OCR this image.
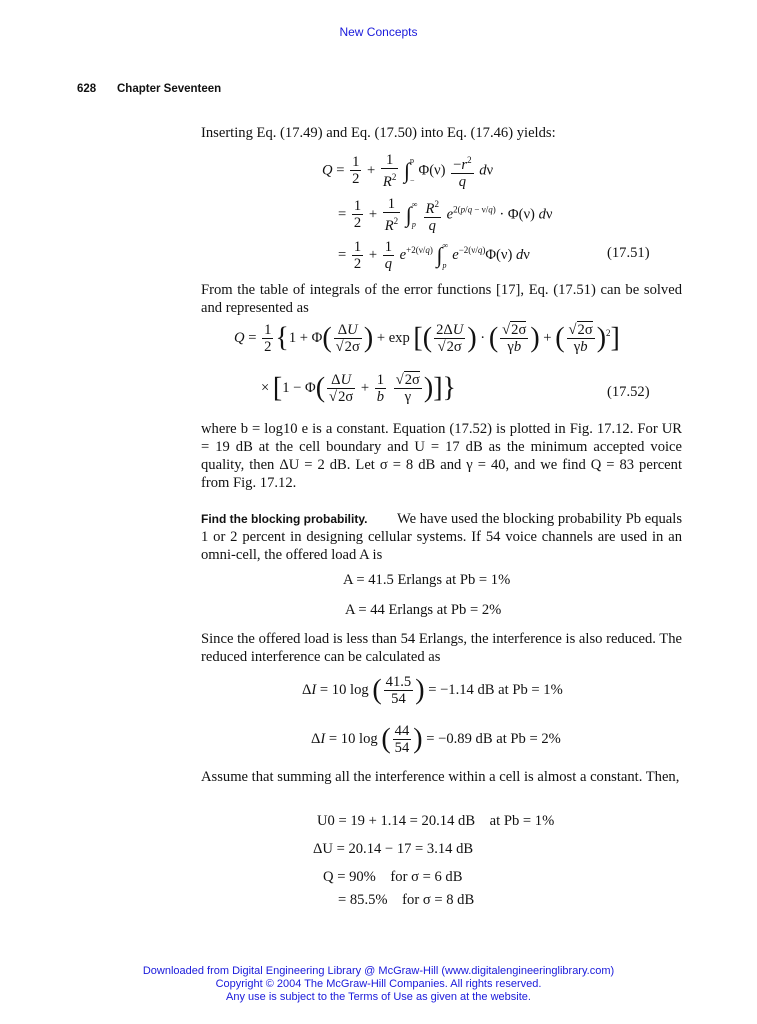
New Concepts
628 Chapter Seventeen
Inserting Eq. (17.49) and Eq. (17.50) into Eq. (17.46) yields:
$Q = \frac{1}{2} + \frac{1}{R^2} \int p$

$-\Phi(\nu) \frac{-r^2}{q}$ dν
= $\frac{1}{2} + \frac{1}{R^2}$ ∫∞

p $\frac{R^2}{q} e^{2(p/q - \nu/q)} \cdot \Phi(\nu)$ dν
= $\frac{1}{2} + \frac{1}{q} e^{+2(\nu/q)}$ ∫∞

$pe^{-2(\nu/q)}\Phi(\nu)$ dν	(17.51)
From the table of integrals of the error functions [17], Eq. (17.51) can be solved and represented as
$Q = \frac{1}{2} \{1 + \Phi( \frac{\Delta U}{√2\sigma}$ ) + exp [( $\frac{2\Delta U}{√2\sigma}$ ) · ( $\frac{√2\sigma}{\gamma b}$ ) + ( $\frac{√2\sigma}{\gamma b} )^2$]
× [$1 - \Phi( \frac{\Delta U}{√2\sigma} + \frac{1}{b}$
$\frac{√2\sigma}{\gamma}$ )]}	(17.52)
where b = log10 e is a constant. Equation (17.52) is plotted in Fig. 17.12. For UR = 19 dB at the cell boundary and U = 17 dB as the minimum accepted voice quality, then ΔU = 2 dB. Let σ = 8 dB and γ = 40, and we find Q = 83 percent from Fig. 17.12.
Find the blocking probability.	We have used the blocking probability Pb equals 1 or 2 percent in designing cellular systems. If 54 voice channels are used in an omni-cell, the offered load A is
A = 41.5 Erlangs at Pb = 1%
A = 44 Erlangs at Pb = 2%
Since the offered load is less than 54 Erlangs, the interference is also reduced. The reduced interference can be calculated as
ΔI = 10 log ( $\frac{41.5}{54}$ ) = −1.14 dB at Pb = 1%
ΔI = 10 log ( $\frac{44}{54}$ ) = −0.89 dB at Pb = 2%
Assume that summing all the interference within a cell is almost a constant. Then,
U0 = 19 + 1.14 = 20.14 dB    at Pb = 1%
ΔU = 20.14 − 17 = 3.14 dB
Q = 90%    for σ = 6 dB
= 85.5%    for σ = 8 dB
Downloaded from Digital Engineering Library @ McGraw-Hill (www.digitalengineeringlibrary.com)
Copyright © 2004 The McGraw-Hill Companies. All rights reserved.
Any use is subject to the Terms of Use as given at the website.
